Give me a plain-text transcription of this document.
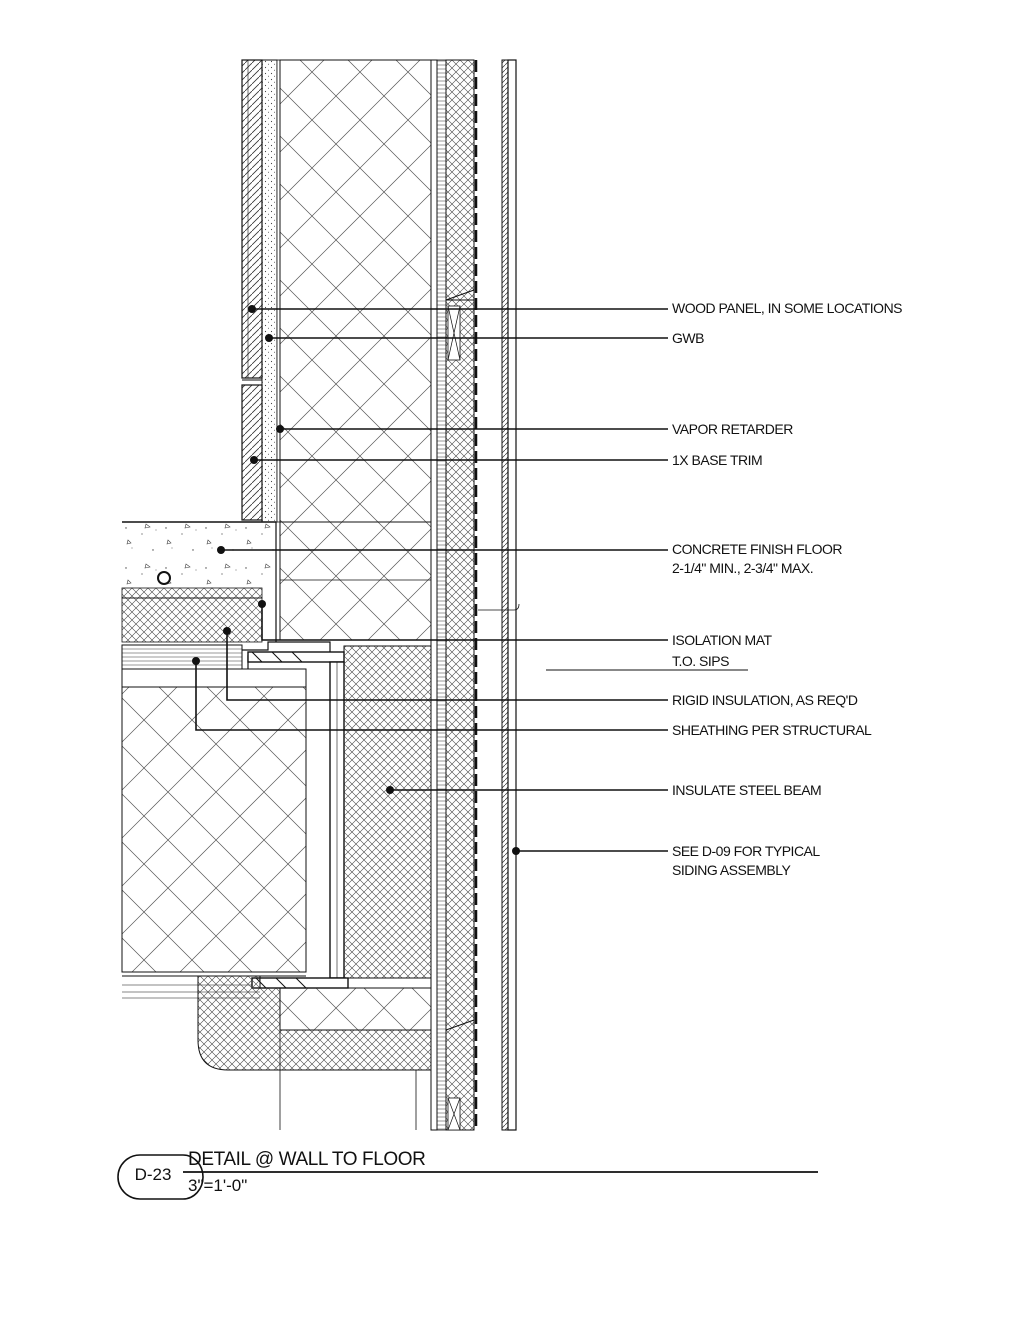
WOOD PANEL, IN SOME LOCATIONS
GWB
VAPOR RETARDER
1X BASE TRIM
CONCRETE FINISH FLOOR
2-1/4" MIN., 2-3/4" MAX.
ISOLATION MAT
T.O. SIPS
RIGID INSULATION, AS REQ'D
SHEATHING PER STRUCTURAL
INSULATE STEEL BEAM
SEE D-09 FOR TYPICAL
SIDING ASSEMBLY
D-23
DETAIL @ WALL TO FLOOR
3"=1'-0"
